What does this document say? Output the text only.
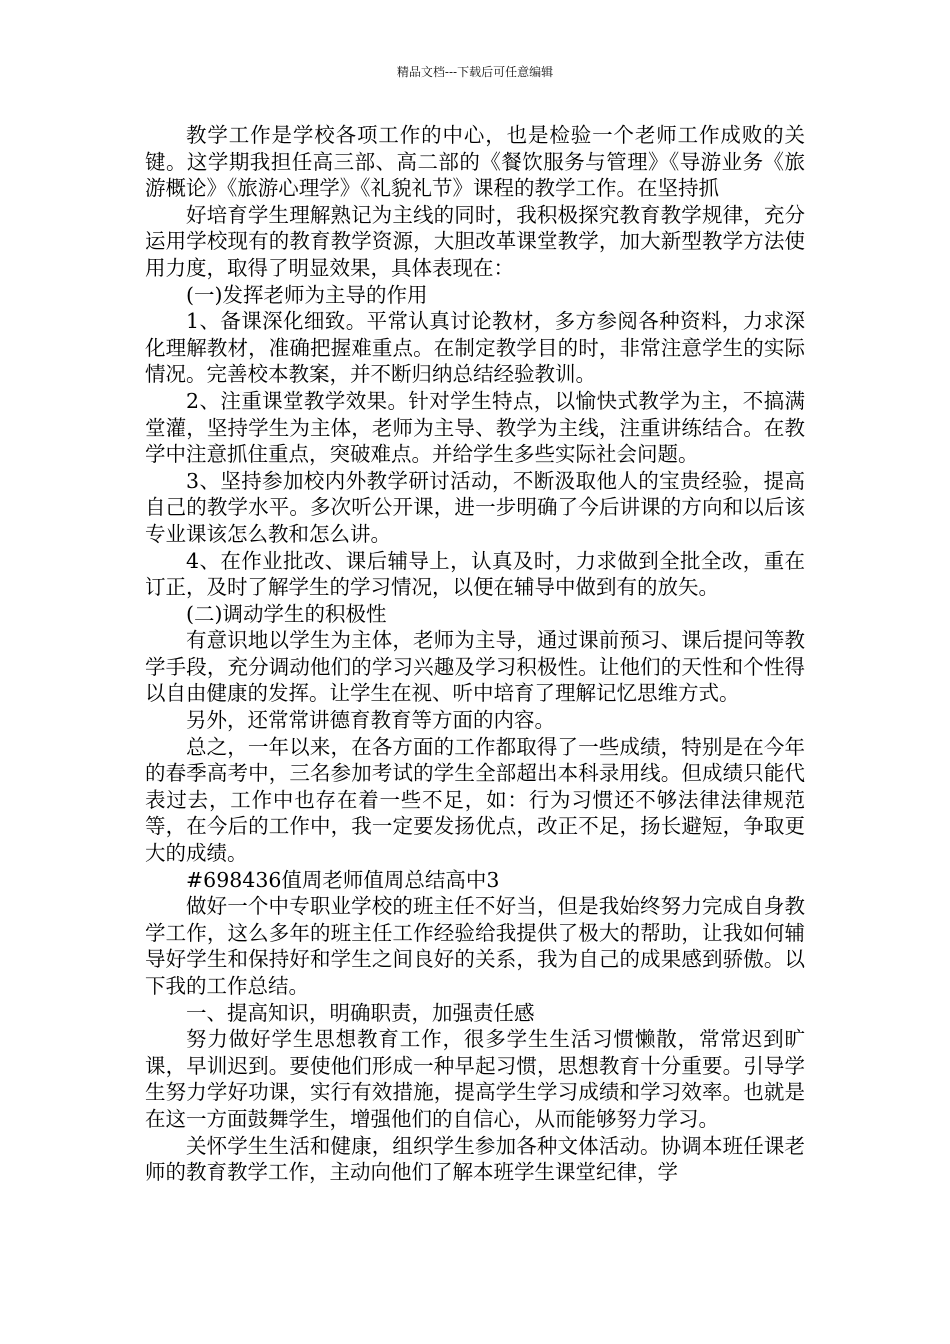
精品文档---下载后可任意编辑

教学工作是学校各项工作的中心，也是检验一个老师工作成败的关键。这学期我担任高三部、高二部的《餐饮服务与管理》《导游业务《旅游概论》《旅游心理学》《礼貌礼节》课程的教学工作。在坚持抓

好培育学生理解熟记为主线的同时，我积极探究教育教学规律，充分运用学校现有的教育教学资源，大胆改革课堂教学，加大新型教学方法使用力度，取得了明显效果，具体表现在：

(一)发挥老师为主导的作用

1、备课深化细致。平常认真讨论教材，多方参阅各种资料，力求深化理解教材，准确把握难重点。在制定教学目的时，非常注意学生的实际情况。完善校本教案，并不断归纳总结经验教训。

2、注重课堂教学效果。针对学生特点，以愉快式教学为主，不搞满堂灌，坚持学生为主体，老师为主导、教学为主线，注重讲练结合。在教学中注意抓住重点，突破难点。并给学生多些实际社会问题。

3、坚持参加校内外教学研讨活动，不断汲取他人的宝贵经验，提高自己的教学水平。多次听公开课，进一步明确了今后讲课的方向和以后该专业课该怎么教和怎么讲。

4、在作业批改、课后辅导上，认真及时，力求做到全批全改，重在订正，及时了解学生的学习情况，以便在辅导中做到有的放矢。

(二)调动学生的积极性

有意识地以学生为主体，老师为主导，通过课前预习、课后提问等教学手段，充分调动他们的学习兴趣及学习积极性。让他们的天性和个性得以自由健康的发挥。让学生在视、听中培育了理解记忆思维方式。

另外，还常常讲德育教育等方面的内容。

总之，一年以来，在各方面的工作都取得了一些成绩，特别是在今年的春季高考中，三名参加考试的学生全部超出本科录用线。但成绩只能代表过去，工作中也存在着一些不足，如：行为习惯还不够法律法律规范等，在今后的工作中，我一定要发扬优点，改正不足，扬长避短，争取更大的成绩。

#698436值周老师值周总结高中3

做好一个中专职业学校的班主任不好当，但是我始终努力完成自身教学工作，这么多年的班主任工作经验给我提供了极大的帮助，让我如何辅导好学生和保持好和学生之间良好的关系，我为自己的成果感到骄傲。以下我的工作总结。

一、提高知识，明确职责，加强责任感

努力做好学生思想教育工作，很多学生生活习惯懒散，常常迟到旷课，早训迟到。要使他们形成一种早起习惯，思想教育十分重要。引导学生努力学好功课，实行有效措施，提高学生学习成绩和学习效率。也就是在这一方面鼓舞学生，增强他们的自信心，从而能够努力学习。

关怀学生生活和健康，组织学生参加各种文体活动。协调本班任课老师的教育教学工作，主动向他们了解本班学生课堂纪律，学
